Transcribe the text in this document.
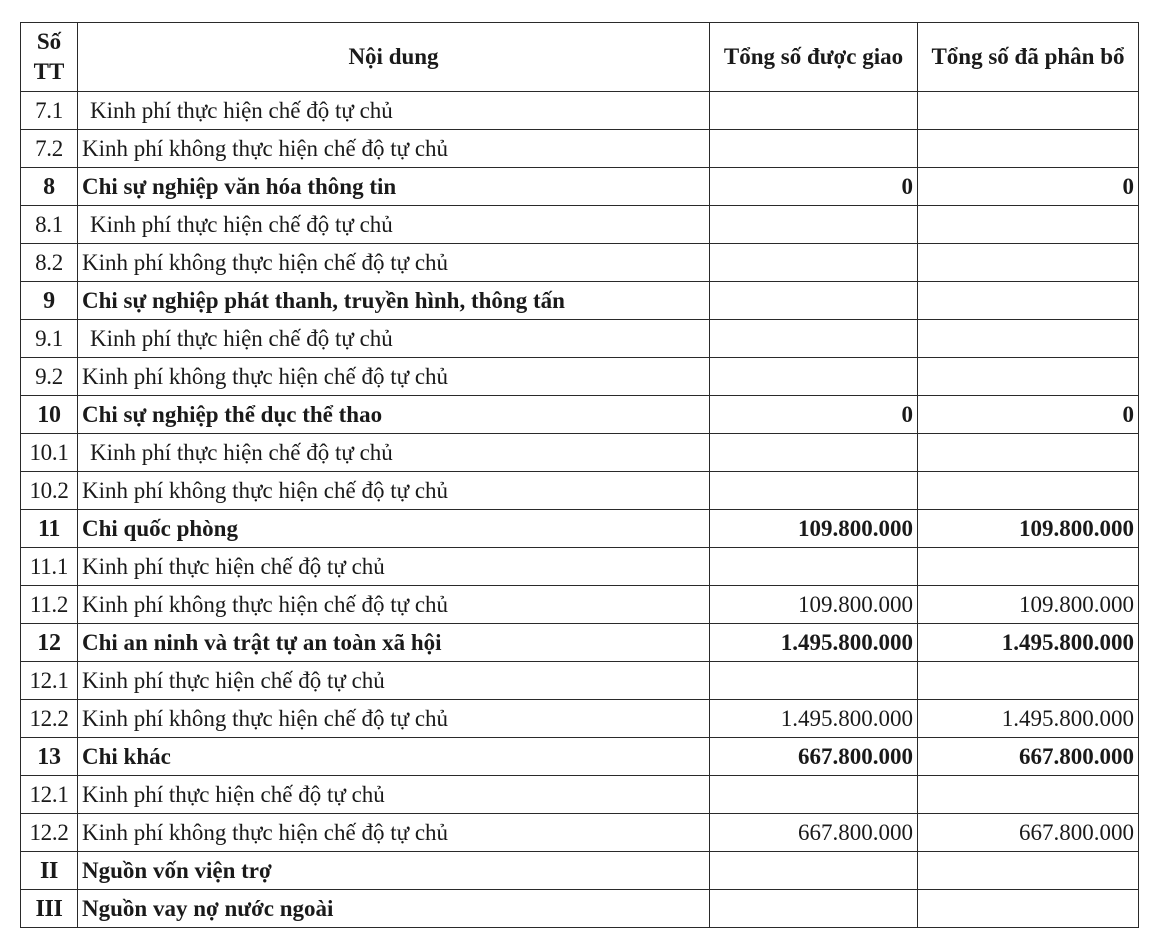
Số TT	Nội dung	Tổng số được giao	Tổng số đã phân bổ
7.1	Kinh phí thực hiện chế độ tự chủ		
7.2	Kinh phí không thực hiện chế độ tự chủ		
8	Chi sự nghiệp văn hóa thông tin	0	0
8.1	Kinh phí thực hiện chế độ tự chủ		
8.2	Kinh phí không thực hiện chế độ tự chủ		
9	Chi sự nghiệp phát thanh, truyền hình, thông tấn		
9.1	Kinh phí thực hiện chế độ tự chủ		
9.2	Kinh phí không thực hiện chế độ tự chủ		
10	Chi sự nghiệp thể dục thể thao	0	0
10.1	Kinh phí thực hiện chế độ tự chủ		
10.2	Kinh phí không thực hiện chế độ tự chủ		
11	Chi quốc phòng	109.800.000	109.800.000
11.1	Kinh phí thực hiện chế độ tự chủ		
11.2	Kinh phí không thực hiện chế độ tự chủ	109.800.000	109.800.000
12	Chi an ninh và trật tự an toàn xã hội	1.495.800.000	1.495.800.000
12.1	Kinh phí thực hiện chế độ tự chủ		
12.2	Kinh phí không thực hiện chế độ tự chủ	1.495.800.000	1.495.800.000
13	Chi khác	667.800.000	667.800.000
12.1	Kinh phí thực hiện chế độ tự chủ		
12.2	Kinh phí không thực hiện chế độ tự chủ	667.800.000	667.800.000
II	Nguồn vốn viện trợ		
III	Nguồn vay nợ nước ngoài		
